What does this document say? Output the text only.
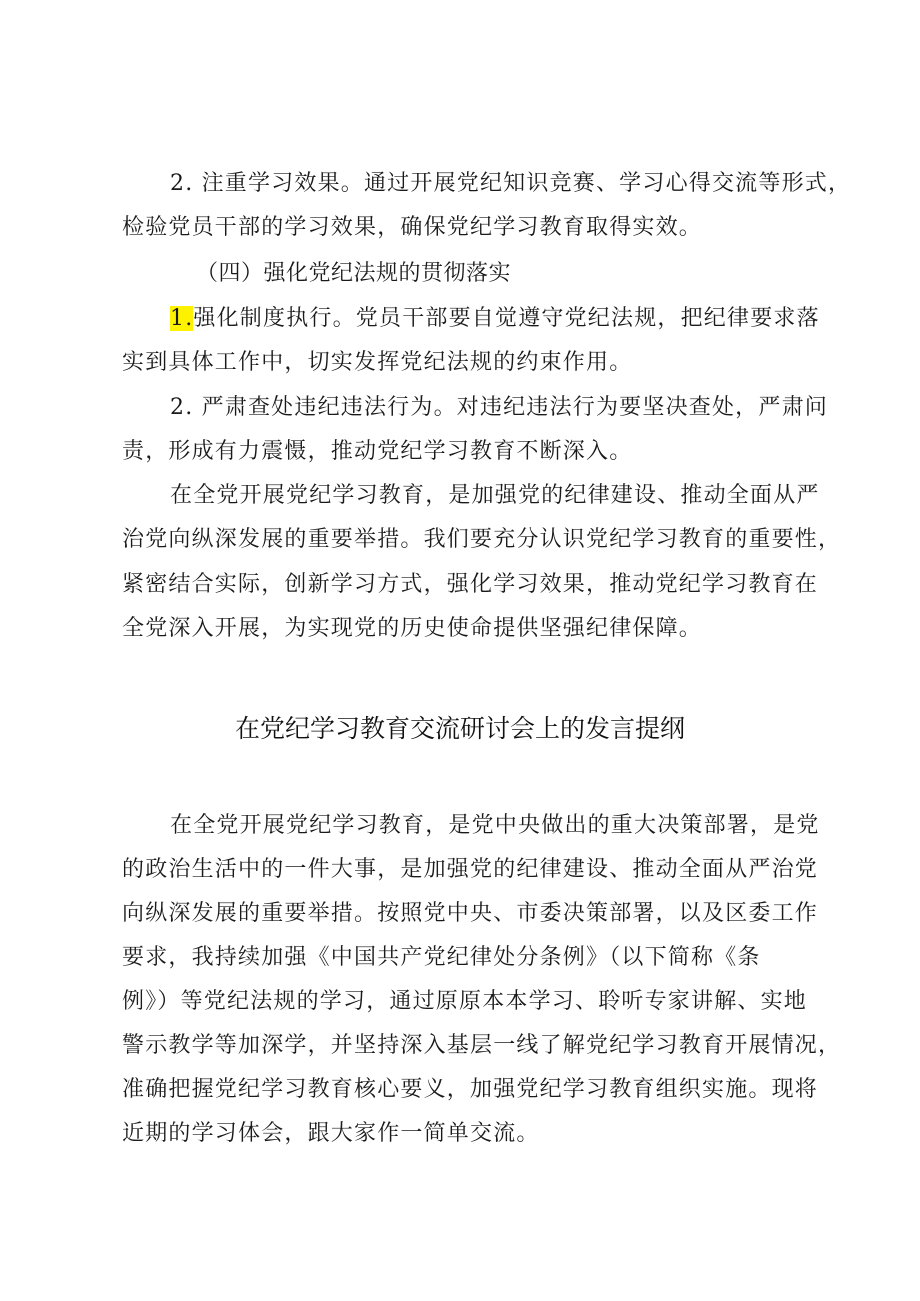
2. 注重学习效果。通过开展党纪知识竞赛、学习心得交流等形式，
检验党员干部的学习效果，确保党纪学习教育取得实效。
（四）强化党纪法规的贯彻落实
1.强化制度执行。党员干部要自觉遵守党纪法规，把纪律要求落
实到具体工作中，切实发挥党纪法规的约束作用。
2. 严肃查处违纪违法行为。对违纪违法行为要坚决查处，严肃问
责，形成有力震慑，推动党纪学习教育不断深入。
在全党开展党纪学习教育，是加强党的纪律建设、推动全面从严
治党向纵深发展的重要举措。我们要充分认识党纪学习教育的重要性，
紧密结合实际，创新学习方式，强化学习效果，推动党纪学习教育在
全党深入开展，为实现党的历史使命提供坚强纪律保障。
在党纪学习教育交流研讨会上的发言提纲
在全党开展党纪学习教育，是党中央做出的重大决策部署，是党
的政治生活中的一件大事，是加强党的纪律建设、推动全面从严治党
向纵深发展的重要举措。按照党中央、市委决策部署，以及区委工作
要求，我持续加强《中国共产党纪律处分条例》（以下简称《条
例》）等党纪法规的学习，通过原原本本学习、聆听专家讲解、实地
警示教学等加深学，并坚持深入基层一线了解党纪学习教育开展情况，
准确把握党纪学习教育核心要义，加强党纪学习教育组织实施。现将
近期的学习体会，跟大家作一简单交流。
